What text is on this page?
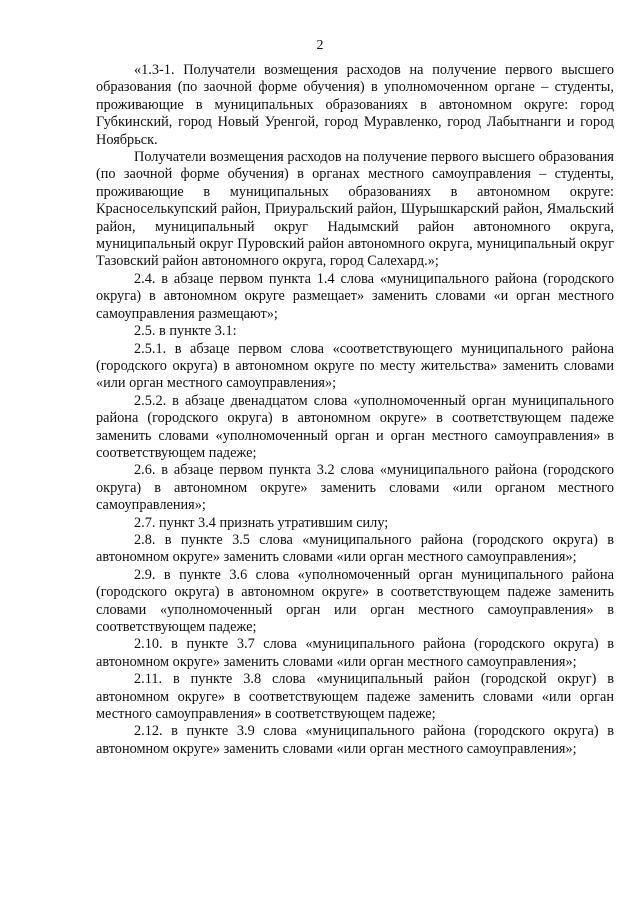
2

«1.3-1. Получатели возмещения расходов на получение первого высшего образования (по заочной форме обучения) в уполномоченном органе – студенты, проживающие в муниципальных образованиях в автономном округе: город Губкинский, город Новый Уренгой, город Муравленко, город Лабытнанги и город Ноябрьск.

Получатели возмещения расходов на получение первого высшего образования (по заочной форме обучения) в органах местного самоуправления – студенты, проживающие в муниципальных образованиях в автономном округе: Красноселькупский район, Приуральский район, Шурышкарский район, Ямальский район, муниципальный округ Надымский район автономного округа, муниципальный округ Пуровский район автономного округа, муниципальный округ Тазовский район автономного округа, город Салехард.»;

2.4. в абзаце первом пункта 1.4 слова «муниципального района (городского округа) в автономном округе размещает» заменить словами «и орган местного самоуправления размещают»;

2.5. в пункте 3.1:

2.5.1. в абзаце первом слова «соответствующего муниципального района (городского округа) в автономном округе по месту жительства» заменить словами «или орган местного самоуправления»;

2.5.2. в абзаце двенадцатом слова «уполномоченный орган муниципального района (городского округа) в автономном округе» в соответствующем падеже заменить словами «уполномоченный орган и орган местного самоуправления» в соответствующем падеже;

2.6. в абзаце первом пункта 3.2 слова «муниципального района (городского округа) в автономном округе» заменить словами «или органом местного самоуправления»;

2.7. пункт 3.4 признать утратившим силу;

2.8. в пункте 3.5 слова «муниципального района (городского округа) в автономном округе» заменить словами «или орган местного самоуправления»;

2.9. в пункте 3.6 слова «уполномоченный орган муниципального района (городского округа) в автономном округе» в соответствующем падеже заменить словами «уполномоченный орган или орган местного самоуправления» в соответствующем падеже;

2.10. в пункте 3.7 слова «муниципального района (городского округа) в автономном округе» заменить словами «или орган местного самоуправления»;

2.11. в пункте 3.8 слова «муниципальный район (городской округ) в автономном округе» в соответствующем падеже заменить словами «или орган местного самоуправления» в соответствующем падеже;

2.12. в пункте 3.9 слова «муниципального района (городского округа) в автономном округе» заменить словами «или орган местного самоуправления»;
